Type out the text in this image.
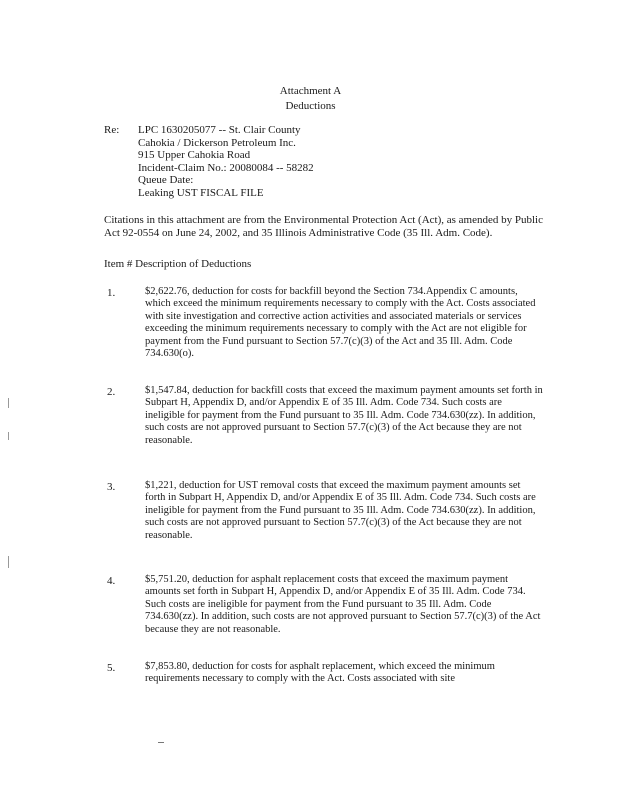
Attachment A
Deductions
Re: LPC 1630205077 -- St. Clair County
Cahokia / Dickerson Petroleum Inc.
915 Upper Cahokia Road
Incident-Claim No.: 20080084 -- 58282
Queue Date:
Leaking UST FISCAL FILE
Citations in this attachment are from the Environmental Protection Act (Act), as amended by Public Act 92-0554 on June 24, 2002, and 35 Illinois Administrative Code (35 Ill. Adm. Code).
Item # Description of Deductions
1.	$2,622.76, deduction for costs for backfill beyond the Section 734.Appendix C amounts, which exceed the minimum requirements necessary to comply with the Act. Costs associated with site investigation and corrective action activities and associated materials or services exceeding the minimum requirements necessary to comply with the Act are not eligible for payment from the Fund pursuant to Section 57.7(c)(3) of the Act and 35 Ill. Adm. Code 734.630(o).
2.	$1,547.84, deduction for backfill costs that exceed the maximum payment amounts set forth in Subpart H, Appendix D, and/or Appendix E of 35 Ill. Adm. Code 734. Such costs are ineligible for payment from the Fund pursuant to 35 Ill. Adm. Code 734.630(zz). In addition, such costs are not approved pursuant to Section 57.7(c)(3) of the Act because they are not reasonable.
3.	$1,221, deduction for UST removal costs that exceed the maximum payment amounts set forth in Subpart H, Appendix D, and/or Appendix E of 35 Ill. Adm. Code 734. Such costs are ineligible for payment from the Fund pursuant to 35 Ill. Adm. Code 734.630(zz). In addition, such costs are not approved pursuant to Section 57.7(c)(3) of the Act because they are not reasonable.
4.	$5,751.20, deduction for asphalt replacement costs that exceed the maximum payment amounts set forth in Subpart H, Appendix D, and/or Appendix E of 35 Ill. Adm. Code 734. Such costs are ineligible for payment from the Fund pursuant to 35 Ill. Adm. Code 734.630(zz). In addition, such costs are not approved pursuant to Section 57.7(c)(3) of the Act because they are not reasonable.
5.	$7,853.80, deduction for costs for asphalt replacement, which exceed the minimum requirements necessary to comply with the Act. Costs associated with site
